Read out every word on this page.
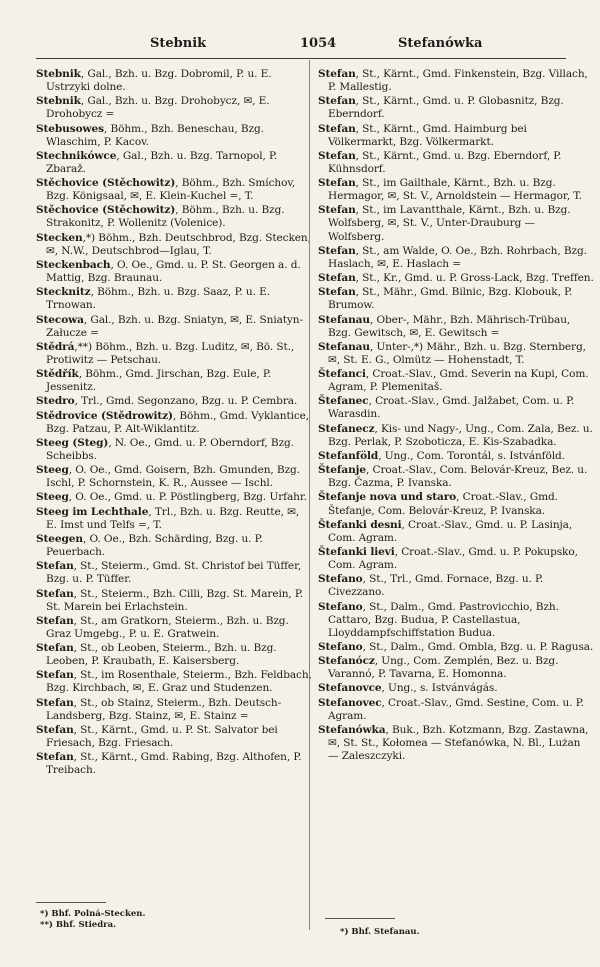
Stebnik	1054	Stefanówka
Stebnik, Gal., Bzh. u. Bzg. Dobromil, P. u. E. Ustrzyki dolne.
Stebnik, Gal., Bzh. u. Bzg. Drohobycz, ✉, E. Drohobycz =
Stebusowes, Böhm., Bzh. Beneschau, Bzg. Wlaschim, P. Kacov.
Stechnikówce, Gal., Bzh. u. Bzg. Tarnopol, P. Zbaraž.
Stěchovice (Stěchowitz), Böhm., Bzh. Smíchov, Bzg. Königsaal, ✉, E. Klein-Kuchel =, T.
Stěchovice (Stěchowitz), Böhm., Bzh. u. Bzg. Strakonitz, P. Wollenitz (Volenice).
Stecken,*) Böhm., Bzh. Deutschbrod, Bzg. Stecken, ✉, N.W., Deutschbrod—Iglau, T.
Steckenbach, O. Oe., Gmd. u. P. St. Georgen a. d. Mattig, Bzg. Braunau.
Stecknitz, Böhm., Bzh. u. Bzg. Saaz, P. u. E. Trnowan.
Stecowa, Gal., Bzh. u. Bzg. Sniatyn, ✉, E. Sniatyn-Załucze =
Stědrá,**) Böhm., Bzh. u. Bzg. Luditz, ✉, Bö. St., Protiwitz — Petschau.
Stědřík, Böhm., Gmd. Jirschan, Bzg. Eule, P. Jessenitz.
Stedro, Trl., Gmd. Segonzano, Bzg. u. P. Cembra.
Stědrovice (Stědrowitz), Böhm., Gmd. Vyklantice, Bzg. Patzau, P. Alt-Wiklantitz.
Steeg (Steg), N. Oe., Gmd. u. P. Oberndorf, Bzg. Scheibbs.
Steeg, O. Oe., Gmd. Goisern, Bzh. Gmunden, Bzg. Ischl, P. Schornstein, K. R., Aussee — Ischl.
Steeg, O. Oe., Gmd. u. P. Pöstlingberg, Bzg. Urfahr.
Steeg im Lechthale, Trl., Bzh. u. Bzg. Reutte, ✉, E. Imst und Telfs =, T.
Steegen, O. Oe., Bzh. Schärding, Bzg. u. P. Peuerbach.
Stefan, St., Steierm., Gmd. St. Christof bei Tüffer, Bzg. u. P. Tüffer.
Stefan, St., Steierm., Bzh. Cilli, Bzg. St. Marein, P. St. Marein bei Erlachstein.
Stefan, St., am Gratkorn, Steierm., Bzh. u. Bzg. Graz Umgebg., P. u. E. Gratwein.
Stefan, St., ob Leoben, Steierm., Bzh. u. Bzg. Leoben, P. Kraubath, E. Kaisersberg.
Stefan, St., im Rosenthale, Steierm., Bzh. Feldbach, Bzg. Kirchbach, ✉, E. Graz und Studenzen.
Stefan, St., ob Stainz, Steierm., Bzh. Deutsch-Landsberg, Bzg. Stainz, ✉, E. Stainz =
Stefan, St., Kärnt., Gmd. u. P. St. Salvator bei Friesach, Bzg. Friesach.
Stefan, St., Kärnt., Gmd. Rabing, Bzg. Althofen, P. Treibach.
Stefan, St., Kärnt., Gmd. Finkenstein, Bzg. Villach, P. Mallestig.
Stefan, St., Kärnt., Gmd. u. P. Globasnitz, Bzg. Eberndorf.
Stefan, St., Kärnt., Gmd. Haimburg bei Völkermarkt, Bzg. Völkermarkt.
Stefan, St., Kärnt., Gmd. u. Bzg. Eberndorf, P. Kühnsdorf.
Stefan, St., im Gailthale, Kärnt., Bzh. u. Bzg. Hermagor, ✉, St. V., Arnoldstein — Hermagor, T.
Stefan, St., im Lavantthale, Kärnt., Bzh. u. Bzg. Wolfsberg, ✉, St. V., Unter-Drauburg — Wolfsberg.
Stefan, St., am Walde, O. Oe., Bzh. Rohrbach, Bzg. Haslach, ✉, E. Haslach =
Stefan, St., Kr., Gmd. u. P. Gross-Lack, Bzg. Treffen.
Stefan, St., Mähr., Gmd. Bilnic, Bzg. Klobouk, P. Brumow.
Stefanau, Ober-, Mähr., Bzh. Mährisch-Trübau, Bzg. Gewitsch, ✉, E. Gewitsch =
Stefanau, Unter-,*) Mähr., Bzh. u. Bzg. Sternberg, ✉, St. E. G., Olmütz — Hohenstadt, T.
Štefanci, Croat.-Slav., Gmd. Severin na Kupi, Com. Agram, P. Plemenitaš.
Štefanec, Croat.-Slav., Gmd. Jalžabet, Com. u. P. Warasdin.
Stefanecz, Kis- und Nagy-, Ung., Com. Zala, Bez. u. Bzg. Perlak, P. Szoboticza, E. Kis-Szabadka.
Stefanföld, Ung., Com. Torontál, s. Istvánföld.
Štefanje, Croat.-Slav., Com. Belovár-Kreuz, Bez. u. Bzg. Čazma, P. Ivanska.
Štefanje nova und staro, Croat.-Slav., Gmd. Štefanje, Com. Belovár-Kreuz, P. Ivanska.
Štefanki desni, Croat.-Slav., Gmd. u. P. Lasinja, Com. Agram.
Štefanki lievi, Croat.-Slav., Gmd. u. P. Pokupsko, Com. Agram.
Stefano, St., Trl., Gmd. Fornace, Bzg. u. P. Civezzano.
Stefano, St., Dalm., Gmd. Pastrovicchio, Bzh. Cattaro, Bzg. Budua, P. Castellastua, Lloyddampfschiffstation Budua.
Stefano, St., Dalm., Gmd. Ombla, Bzg. u. P. Ragusa.
Stefanócz, Ung., Com. Zemplén, Bez. u. Bzg. Varannó, P. Tavarna, E. Homonna.
Stefanovce, Ung., s. Istvánvágás.
Stefanovec, Croat.-Slav., Gmd. Sestine, Com. u. P. Agram.
Stefanówka, Buk., Bzh. Kotzmann, Bzg. Zastawna, ✉, St. St., Kołomea — Stefanówka, N. Bl., Lużan — Zaleszczyki.
*) Bhf. Polná-Stecken.
**) Bhf. Stiedra.
*) Bhf. Stefanau.
